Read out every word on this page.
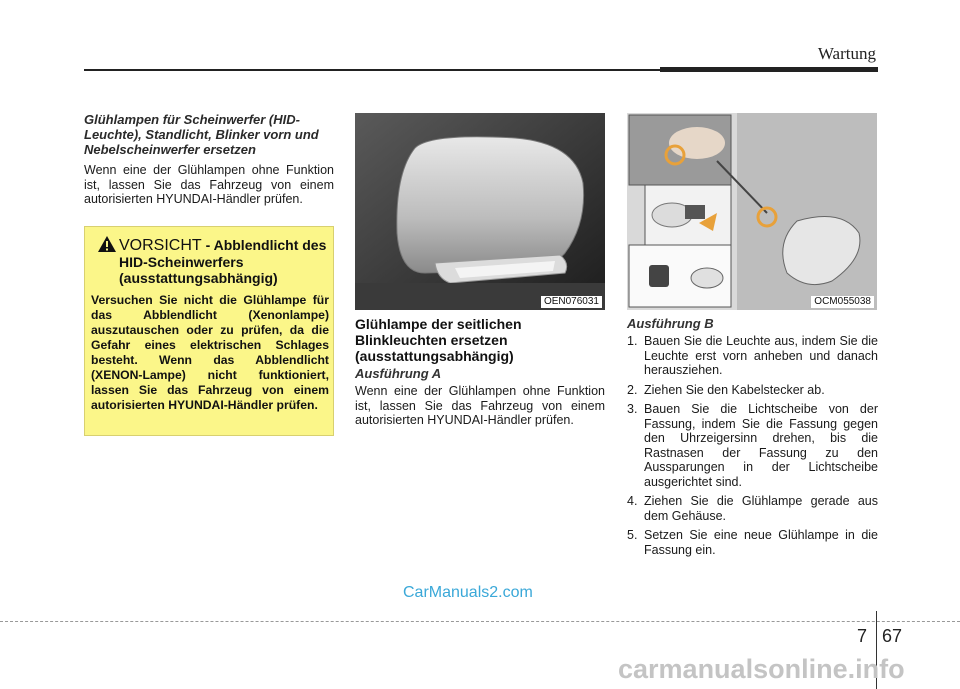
Wartung

Glühlampen für Scheinwerfer (HID-Leuchte), Standlicht, Blinker vorn und Nebelscheinwerfer ersetzen

Wenn eine der Glühlampen ohne Funktion ist, lassen Sie das Fahrzeug von einem autorisierten HYUNDAI-Händler prüfen.

VORSICHT - Abblendlicht des HID-Scheinwerfers (ausstattungsabhängig)
Versuchen Sie nicht die Glühlampe für das Abblendlicht (Xenonlampe) auszutauschen oder zu prüfen, da die Gefahr eines elektrischen Schlages besteht. Wenn das Abblendlicht (XENON-Lampe) nicht funktioniert, lassen Sie das Fahrzeug von einem autorisierten HYUNDAI-Händler prüfen.
OEN076031	OCM055038
Glühlampe der seitlichen Blinkleuchten ersetzen (ausstattungsabhängig)
Ausführung A

Wenn eine der Glühlampen ohne Funktion ist, lassen Sie das Fahrzeug von einem autorisierten HYUNDAI-Händler prüfen.

Ausführung B
1. Bauen Sie die Leuchte aus, indem Sie die Leuchte erst vorn anheben und danach herausziehen.
2. Ziehen Sie den Kabelstecker ab.
3. Bauen Sie die Lichtscheibe von der Fassung, indem Sie die Fassung gegen den Uhrzeigersinn drehen, bis die Rastnasen der Fassung zu den Aussparungen in der Lichtscheibe ausgerichtet sind.
4. Ziehen Sie die Glühlampe gerade aus dem Gehäuse.
5. Setzen Sie eine neue Glühlampe in die Fassung ein.
CarManuals2.com
7 67
carmanualsonline.info
